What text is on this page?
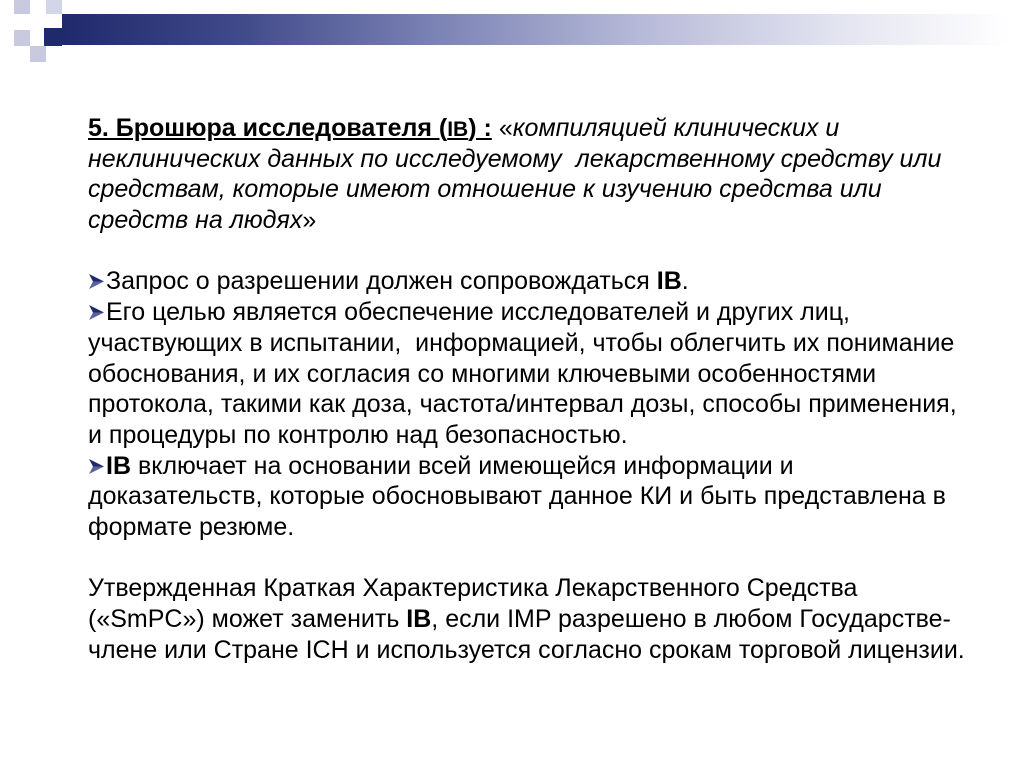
5. Брошюра исследователя (IB) : «компиляцией клинических и
неклинических данных по исследуемому  лекарственному средству или
средствам, которые имеют отношение к изучению средства или
средств на людях»
Запрос о разрешении должен сопровождаться IB.
Его целью является обеспечение исследователей и других лиц,
участвующих в испытании,  информацией, чтобы облегчить их понимание
обоснования, и их согласия со многими ключевыми особенностями
протокола, такими как доза, частота/интервал дозы, способы применения,
и процедуры по контролю над безопасностью.
IB включает на основании всей имеющейся информации и
доказательств, которые обосновывают данное КИ и быть представлена в
формате резюме.
Утвержденная Краткая Характеристика Лекарственного Средства
(«SmPC») может заменить IB, если IMP разрешено в любом Государстве-
члене или Стране ICH и используется согласно срокам торговой лицензии.
